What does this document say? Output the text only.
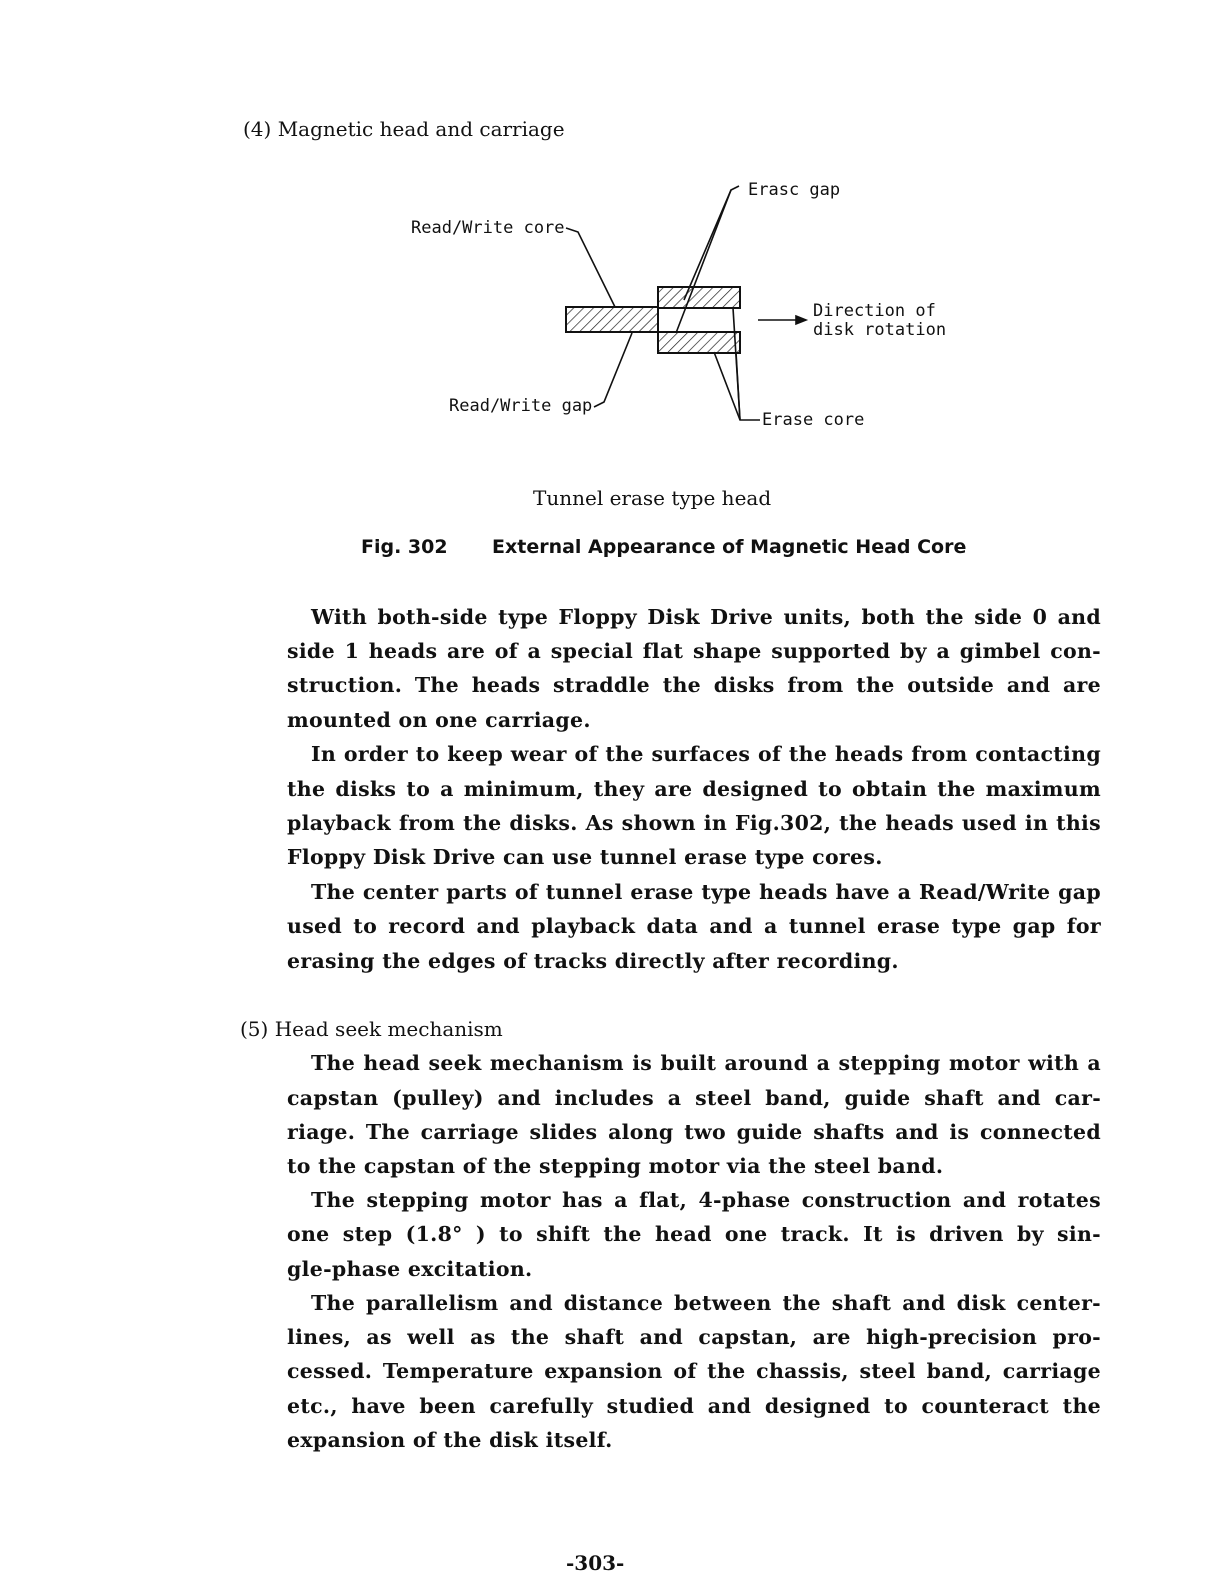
(4) Magnetic head and carriage
Erasc gap
Read/Write core
Direction of
disk rotation
Read/Write gap
Erase core
Tunnel erase type head
Fig. 302 External Appearance of Magnetic Head Core
With both-side type Floppy Disk Drive units, both the side 0 and
side 1 heads are of a special flat shape supported by a gimbel con-
struction. The heads straddle the disks from the outside and are
mounted on one carriage.
In order to keep wear of the surfaces of the heads from contacting
the disks to a minimum, they are designed to obtain the maximum
playback from the disks. As shown in Fig.302, the heads used in this
Floppy Disk Drive can use tunnel erase type cores.
The center parts of tunnel erase type heads have a Read/Write gap
used to record and playback data and a tunnel erase type gap for
erasing the edges of tracks directly after recording.
(5) Head seek mechanism
The head seek mechanism is built around a stepping motor with a
capstan (pulley) and includes a steel band, guide shaft and car-
riage. The carriage slides along two guide shafts and is connected
to the capstan of the stepping motor via the steel band.
The stepping motor has a flat, 4-phase construction and rotates
one step (1.8° ) to shift the head one track. It is driven by sin-
gle-phase excitation.
The parallelism and distance between the shaft and disk center-
lines, as well as the shaft and capstan, are high-precision pro-
cessed. Temperature expansion of the chassis, steel band, carriage
etc., have been carefully studied and designed to counteract the
expansion of the disk itself.
-303-
